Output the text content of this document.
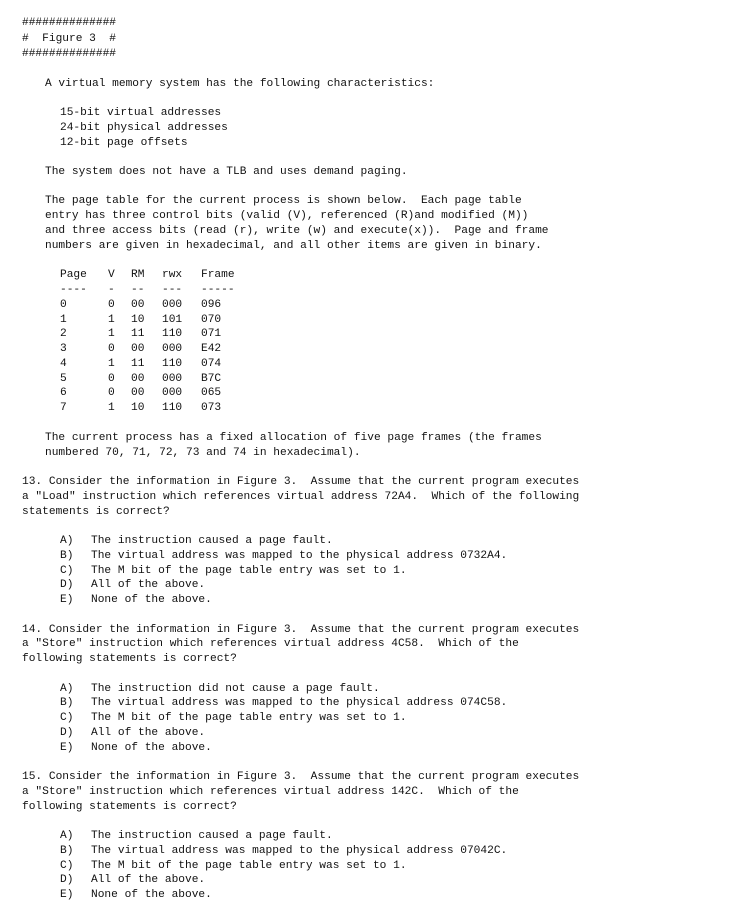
##############
#  Figure 3  #
##############
A virtual memory system has the following characteristics:
15-bit virtual addresses
24-bit physical addresses
12-bit page offsets
The system does not have a TLB and uses demand paging.
The page table for the current process is shown below.  Each page table
entry has three control bits (valid (V), referenced (R)and modified (M))
and three access bits (read (r), write (w) and execute(x)).  Page and frame
numbers are given in hexadecimal, and all other items are given in binary.
Page V RM rwx Frame
---- - -- --- -----
0	0 00 000 096
1	1 10 101 070
2	1 11 110 071
3	0 00 000 E42
4	1 11 110 074
5	0 00 000 B7C
6	0 00 000 065
7	1 10 110 073
The current process has a fixed allocation of five page frames (the frames
numbered 70, 71, 72, 73 and 74 in hexadecimal).
13. Consider the information in Figure 3.  Assume that the current program executes
a "Load" instruction which references virtual address 72A4.  Which of the following
statements is correct?
A) The instruction caused a page fault.
B) The virtual address was mapped to the physical address 0732A4.
C) The M bit of the page table entry was set to 1.
D) All of the above.
E) None of the above.
14. Consider the information in Figure 3.  Assume that the current program executes
a "Store" instruction which references virtual address 4C58.  Which of the
following statements is correct?
A) The instruction did not cause a page fault.
B) The virtual address was mapped to the physical address 074C58.
C) The M bit of the page table entry was set to 1.
D) All of the above.
E) None of the above.
15. Consider the information in Figure 3.  Assume that the current program executes
a "Store" instruction which references virtual address 142C.  Which of the
following statements is correct?
A) The instruction caused a page fault.
B) The virtual address was mapped to the physical address 07042C.
C) The M bit of the page table entry was set to 1.
D) All of the above.
E) None of the above.
